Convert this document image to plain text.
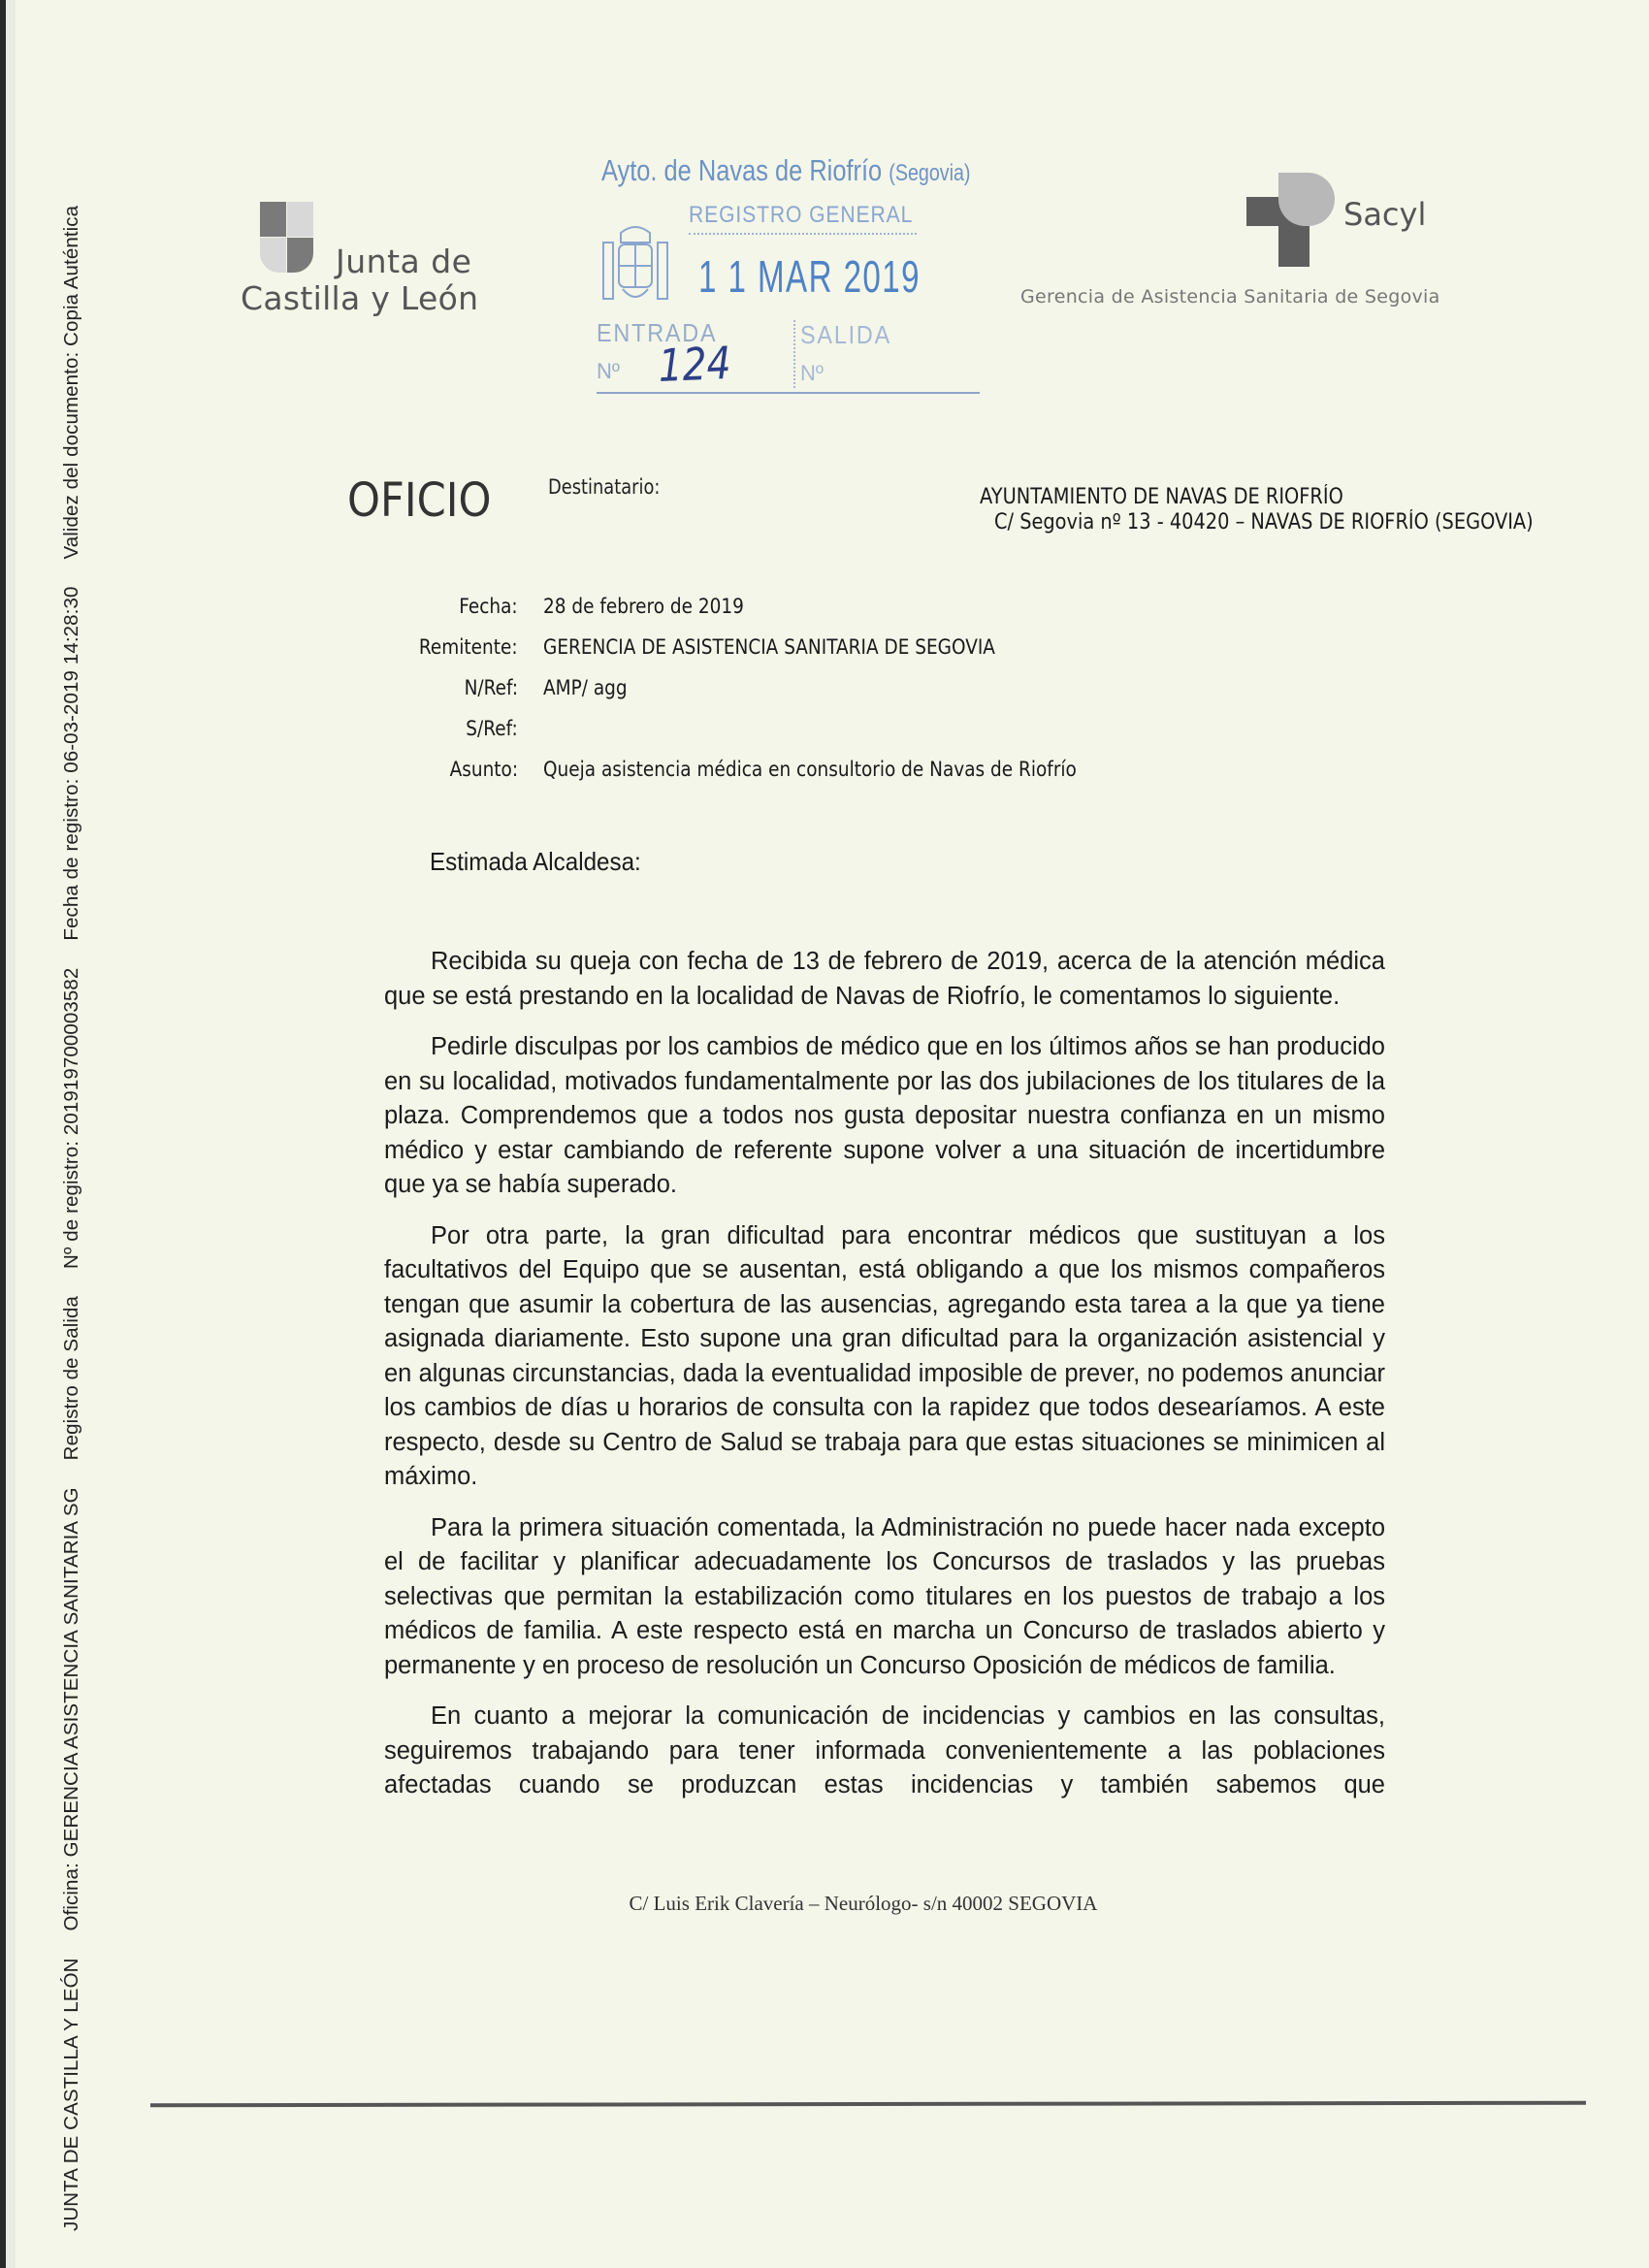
JUNTA DE CASTILLA Y LEÓNOficina: GERENCIA ASISTENCIA SANITARIA SGRegistro de SalidaNº de registro: 201919700003582Fecha de registro: 06-03-2019 14:28:30Validez del documento: Copia Auténtica	Junta de
Castilla y León
Ayto. de Navas de Riofrío (Segovia)
REGISTRO GENERAL
1 1 MAR 2019
ENTRADA	SALIDA
Nº 124	Nº
Sacyl
Gerencia de Asistencia Sanitaria de Segovia
OFICIO	Destinatario:	AYUNTAMIENTO DE NAVAS DE RIOFRÍO
C/ Segovia nº 13 - 40420 – NAVAS DE RIOFRÍO (SEGOVIA)
Fecha: 28 de febrero de 2019
Remitente: GERENCIA DE ASISTENCIA SANITARIA DE SEGOVIA
N/Ref: AMP/ agg
S/Ref:
Asunto: Queja asistencia médica en consultorio de Navas de Riofrío
Estimada Alcaldesa:

Recibida su queja con fecha de 13 de febrero de 2019, acerca de la atención médica que se está prestando en la localidad de Navas de Riofrío, le comentamos lo siguiente.

Pedirle disculpas por los cambios de médico que en los últimos años se han producido en su localidad, motivados fundamentalmente por las dos jubilaciones de los titulares de la plaza. Comprendemos que a todos nos gusta depositar nuestra confianza en un mismo médico y estar cambiando de referente supone volver a una situación de incertidumbre que ya se había superado.

Por otra parte, la gran dificultad para encontrar médicos que sustituyan a los facultativos del Equipo que se ausentan, está obligando a que los mismos compañeros tengan que asumir la cobertura de las ausencias, agregando esta tarea a la que ya tiene asignada diariamente. Esto supone una gran dificultad para la organización asistencial y en algunas circunstancias, dada la eventualidad imposible de prever, no podemos anunciar los cambios de días u horarios de consulta con la rapidez que todos desearíamos. A este respecto, desde su Centro de Salud se trabaja para que estas situaciones se minimicen al máximo.

Para la primera situación comentada, la Administración no puede hacer nada excepto el de facilitar y planificar adecuadamente los Concursos de traslados y las pruebas selectivas que permitan la estabilización como titulares en los puestos de trabajo a los médicos de familia. A este respecto está en marcha un Concurso de traslados abierto y permanente y en proceso de resolución un Concurso Oposición de médicos de familia.

En cuanto a mejorar la comunicación de incidencias y cambios en las consultas, seguiremos trabajando para tener informada convenientemente a las poblaciones afectadas cuando se produzcan estas incidencias y también sabemos que

C/ Luis Erik Clavería – Neurólogo- s/n 40002 SEGOVIA
